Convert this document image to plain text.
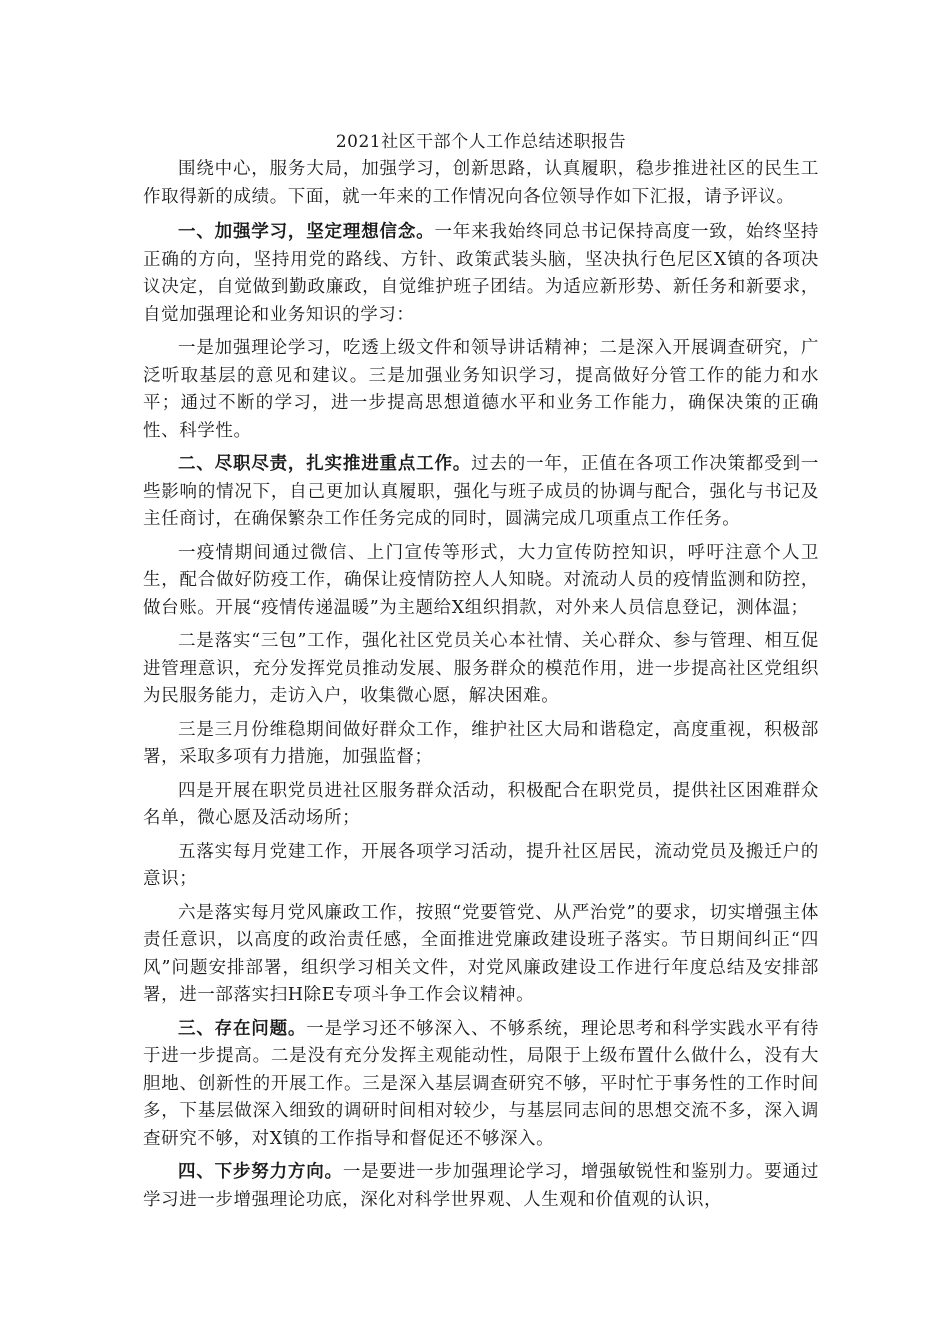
2021社区干部个人工作总结述职报告

围绕中心，服务大局，加强学习，创新思路，认真履职，稳步推进社区的民生工作取得新的成绩。下面，就一年来的工作情况向各位领导作如下汇报，请予评议。

一、加强学习，坚定理想信念。一年来我始终同总书记保持高度一致，始终坚持正确的方向，坚持用党的路线、方针、政策武装头脑，坚决执行色尼区X镇的各项决议决定，自觉做到勤政廉政，自觉维护班子团结。为适应新形势、新任务和新要求，自觉加强理论和业务知识的学习：

一是加强理论学习，吃透上级文件和领导讲话精神；二是深入开展调查研究，广泛听取基层的意见和建议。三是加强业务知识学习，提高做好分管工作的能力和水平；通过不断的学习，进一步提高思想道德水平和业务工作能力，确保决策的正确性、科学性。

二、尽职尽责，扎实推进重点工作。过去的一年，正值在各项工作决策都受到一些影响的情况下，自己更加认真履职，强化与班子成员的协调与配合，强化与书记及主任商讨，在确保繁杂工作任务完成的同时，圆满完成几项重点工作任务。

一疫情期间通过微信、上门宣传等形式，大力宣传防控知识，呼吁注意个人卫生，配合做好防疫工作，确保让疫情防控人人知晓。对流动人员的疫情监测和防控，做台账。开展“疫情传递温暖”为主题给X组织捐款，对外来人员信息登记，测体温；

二是落实“三包”工作，强化社区党员关心本社情、关心群众、参与管理、相互促进管理意识，充分发挥党员推动发展、服务群众的模范作用，进一步提高社区党组织为民服务能力，走访入户，收集微心愿，解决困难。

三是三月份维稳期间做好群众工作，维护社区大局和谐稳定，高度重视，积极部署，采取多项有力措施，加强监督；

四是开展在职党员进社区服务群众活动，积极配合在职党员，提供社区困难群众名单，微心愿及活动场所；

五落实每月党建工作，开展各项学习活动，提升社区居民，流动党员及搬迁户的意识；

六是落实每月党风廉政工作，按照“党要管党、从严治党”的要求，切实增强主体责任意识，以高度的政治责任感，全面推进党廉政建设班子落实。节日期间纠正“四风”问题安排部署，组织学习相关文件，对党风廉政建设工作进行年度总结及安排部署，进一部落实扫H除E专项斗争工作会议精神。

三、存在问题。一是学习还不够深入、不够系统，理论思考和科学实践水平有待于进一步提高。二是没有充分发挥主观能动性，局限于上级布置什么做什么，没有大胆地、创新性的开展工作。三是深入基层调查研究不够，平时忙于事务性的工作时间多，下基层做深入细致的调研时间相对较少，与基层同志间的思想交流不多，深入调查研究不够，对X镇的工作指导和督促还不够深入。

四、下步努力方向。一是要进一步加强理论学习，增强敏锐性和鉴别力。要通过学习进一步增强理论功底，深化对科学世界观、人生观和价值观的认识，
